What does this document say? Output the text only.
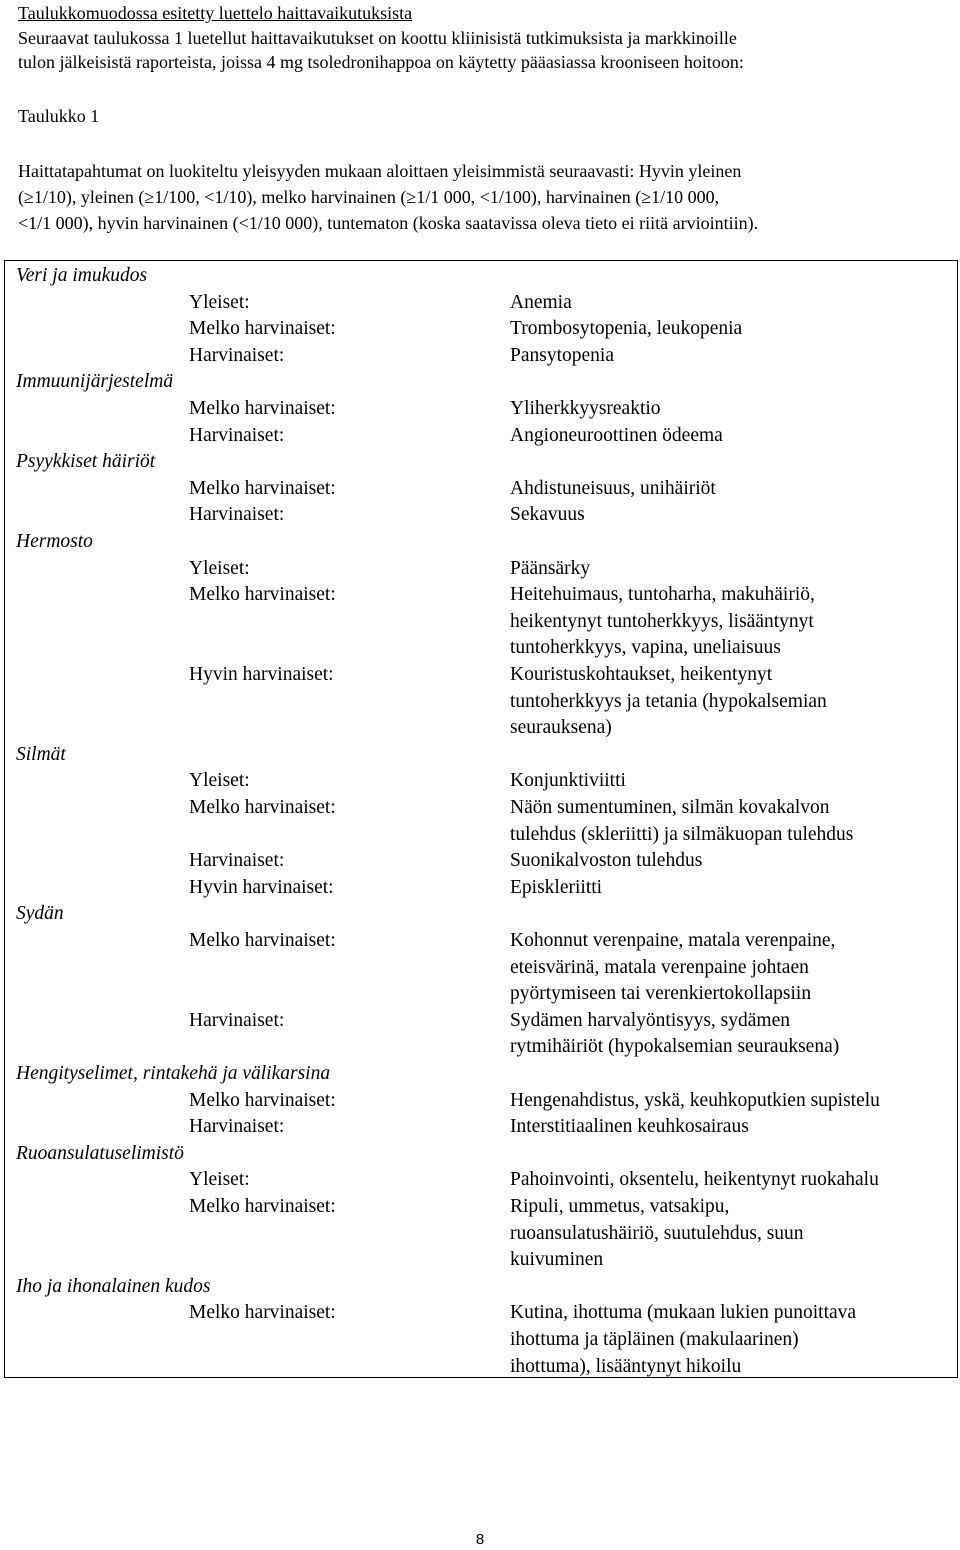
Taulukkomuodossa esitetty luettelo haittavaikutuksista
Seuraavat taulukossa 1 luetellut haittavaikutukset on koottu kliinisistä tutkimuksista ja markkinoille
tulon jälkeisistä raporteista, joissa 4 mg tsoledronihappoa on käytetty pääasiassa krooniseen hoitoon:
Taulukko 1
Haittatapahtumat on luokiteltu yleisyyden mukaan aloittaen yleisimmistä seuraavasti: Hyvin yleinen
(≥1/10), yleinen (≥1/100, <1/10), melko harvinainen (≥1/1 000, <1/100), harvinainen (≥1/10 000,
<1/1 000), hyvin harvinainen (<1/10 000), tuntematon (koska saatavissa oleva tieto ei riitä arviointiin).
Veri ja imukudos
Yleiset:	Anemia
Melko harvinaiset:	Trombosytopenia, leukopenia
Harvinaiset:	Pansytopenia
Immuunijärjestelmä
Melko harvinaiset:	Yliherkkyysreaktio
Harvinaiset:	Angioneuroottinen ödeema
Psyykkiset häiriöt
Melko harvinaiset:	Ahdistuneisuus, unihäiriöt
Harvinaiset:	Sekavuus
Hermosto
Yleiset:	Päänsärky
Melko harvinaiset:	Heitehuimaus, tuntoharha, makuhäiriö,
heikentynyt tuntoherkkyys, lisääntynyt
tuntoherkkyys, vapina, uneliaisuus
Hyvin harvinaiset:	Kouristuskohtaukset, heikentynyt
tuntoherkkyys ja tetania (hypokalsemian
seurauksena)
Silmät
Yleiset:	Konjunktiviitti
Melko harvinaiset:	Näön sumentuminen, silmän kovakalvon
tulehdus (skleriitti) ja silmäkuopan tulehdus
Harvinaiset:	Suonikalvoston tulehdus
Hyvin harvinaiset:	Episkleriitti
Sydän
Melko harvinaiset:	Kohonnut verenpaine, matala verenpaine,
eteisvärinä, matala verenpaine johtaen
pyörtymiseen tai verenkiertokollapsiin
Harvinaiset:	Sydämen harvalyöntisyys, sydämen
rytmihäiriöt (hypokalsemian seurauksena)
Hengityselimet, rintakehä ja välikarsina
Melko harvinaiset:	Hengenahdistus, yskä, keuhkoputkien supistelu
Harvinaiset:	Interstitiaalinen keuhkosairaus
Ruoansulatuselimistö
Yleiset:	Pahoinvointi, oksentelu, heikentynyt ruokahalu
Melko harvinaiset:	Ripuli, ummetus, vatsakipu,
ruoansulatushäiriö, suutulehdus, suun
kuivuminen
Iho ja ihonalainen kudos
Melko harvinaiset:	Kutina, ihottuma (mukaan lukien punoittava
ihottuma ja täpläinen (makulaarinen)
ihottuma), lisääntynyt hikoilu
8
